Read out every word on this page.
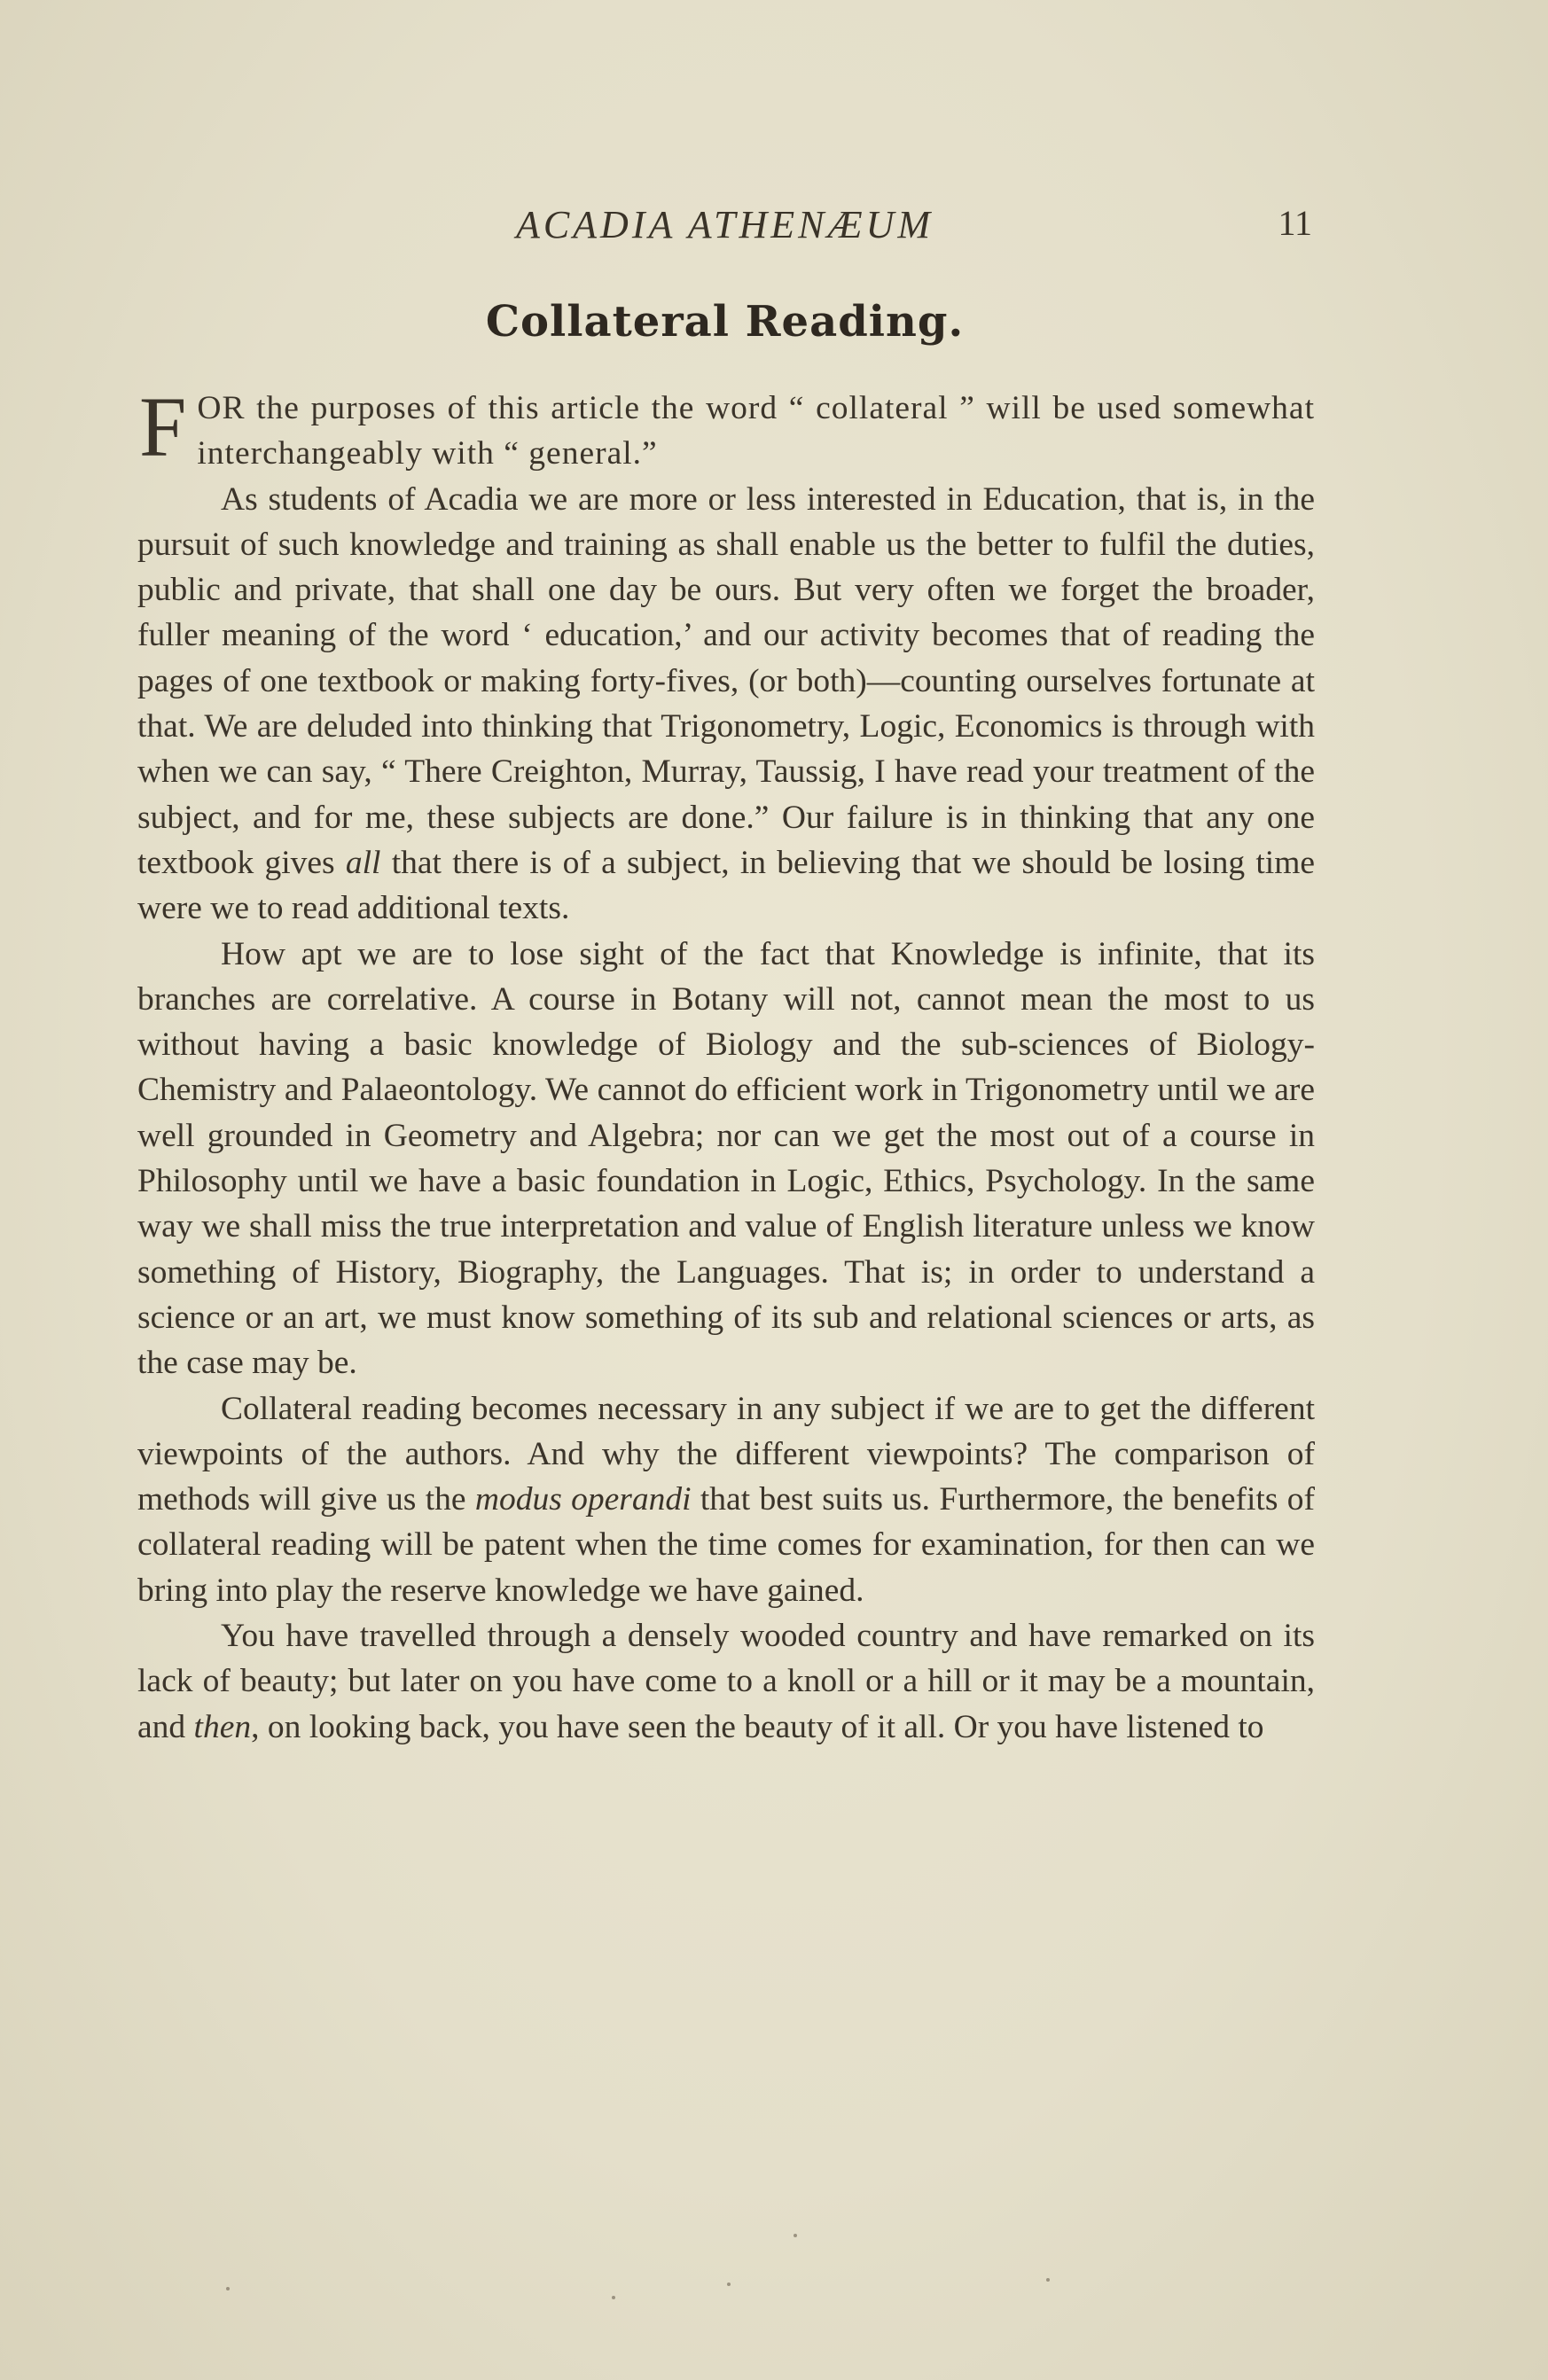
ACADIA ATHENÆUM	11
Collateral Reading.

FOR the purposes of this article the word “ collateral ” will be used somewhat interchangeably with “ general.”

As students of Acadia we are more or less interested in Education, that is, in the pursuit of such knowledge and training as shall enable us the better to fulfil the duties, public and private, that shall one day be ours. But very often we forget the broader, fuller meaning of the word ‘ education,’ and our activity becomes that of reading the pages of one textbook or making forty-fives, (or both)—counting ourselves fortunate at that. We are deluded into thinking that Trigonometry, Logic, Economics is through with when we can say, “ There Creighton, Murray, Taussig, I have read your treatment of the subject, and for me, these subjects are done.” Our failure is in thinking that any one textbook gives all that there is of a subject, in believing that we should be losing time were we to read additional texts.

How apt we are to lose sight of the fact that Knowledge is infinite, that its branches are correlative. A course in Botany will not, cannot mean the most to us without having a basic knowledge of Biology and the sub-sciences of Biology-Chemistry and Palaeontology. We cannot do efficient work in Trigonometry until we are well grounded in Geometry and Algebra; nor can we get the most out of a course in Philosophy until we have a basic foundation in Logic, Ethics, Psychology. In the same way we shall miss the true interpretation and value of English literature unless we know something of History, Biography, the Languages. That is; in order to understand a science or an art, we must know something of its sub and relational sciences or arts, as the case may be.

Collateral reading becomes necessary in any subject if we are to get the different viewpoints of the authors. And why the different viewpoints? The comparison of methods will give us the modus operandi that best suits us. Furthermore, the benefits of collateral reading will be patent when the time comes for examination, for then can we bring into play the reserve knowledge we have gained.

You have travelled through a densely wooded country and have remarked on its lack of beauty; but later on you have come to a knoll or a hill or it may be a mountain, and then, on looking back, you have seen the beauty of it all. Or you have listened to
